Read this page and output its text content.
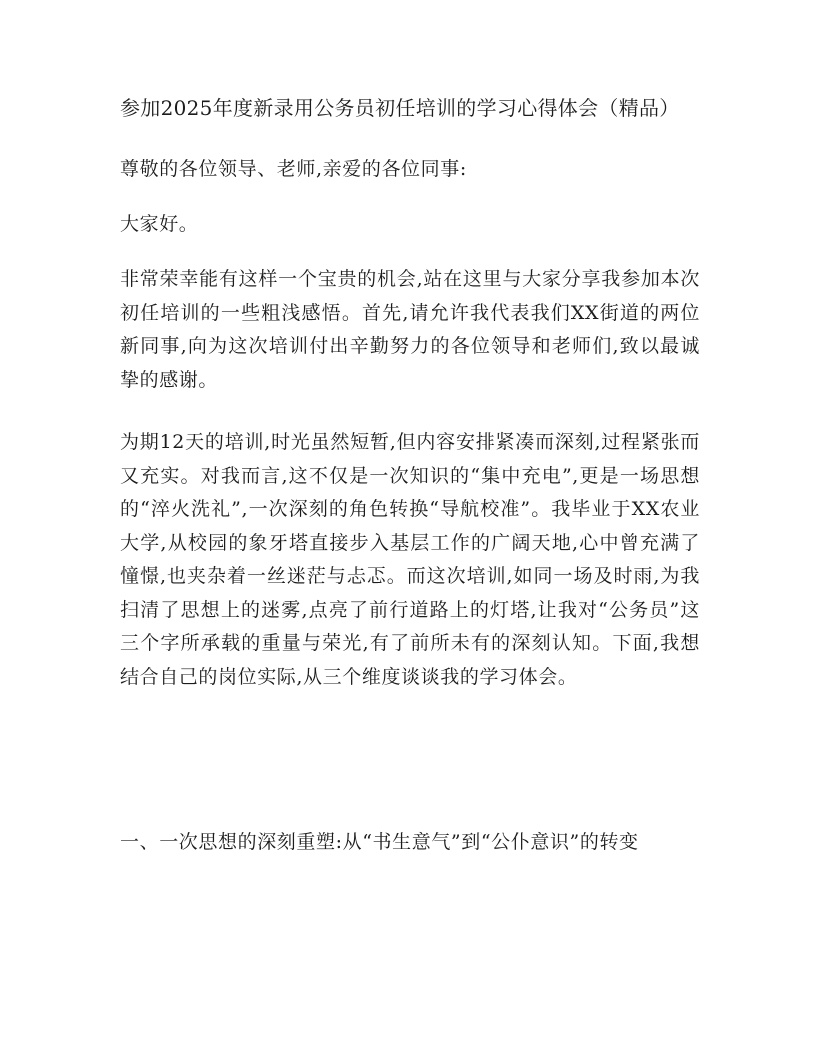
参加2025年度新录用公务员初任培训的学习心得体会（精品）

尊敬的各位领导、老师,亲爱的各位同事:

大家好。

非常荣幸能有这样一个宝贵的机会,站在这里与大家分享我参加本次初任培训的一些粗浅感悟。首先,请允许我代表我们XX街道的两位新同事,向为这次培训付出辛勤努力的各位领导和老师们,致以最诚挚的感谢。

为期12天的培训,时光虽然短暂,但内容安排紧凑而深刻,过程紧张而又充实。对我而言,这不仅是一次知识的“集中充电”,更是一场思想的“淬火洗礼”,一次深刻的角色转换“导航校准”。我毕业于XX农业大学,从校园的象牙塔直接步入基层工作的广阔天地,心中曾充满了憧憬,也夹杂着一丝迷茫与忐忑。而这次培训,如同一场及时雨,为我扫清了思想上的迷雾,点亮了前行道路上的灯塔,让我对“公务员”这三个字所承载的重量与荣光,有了前所未有的深刻认知。下面,我想结合自己的岗位实际,从三个维度谈谈我的学习体会。

一、一次思想的深刻重塑:从“书生意气”到“公仆意识”的转变
